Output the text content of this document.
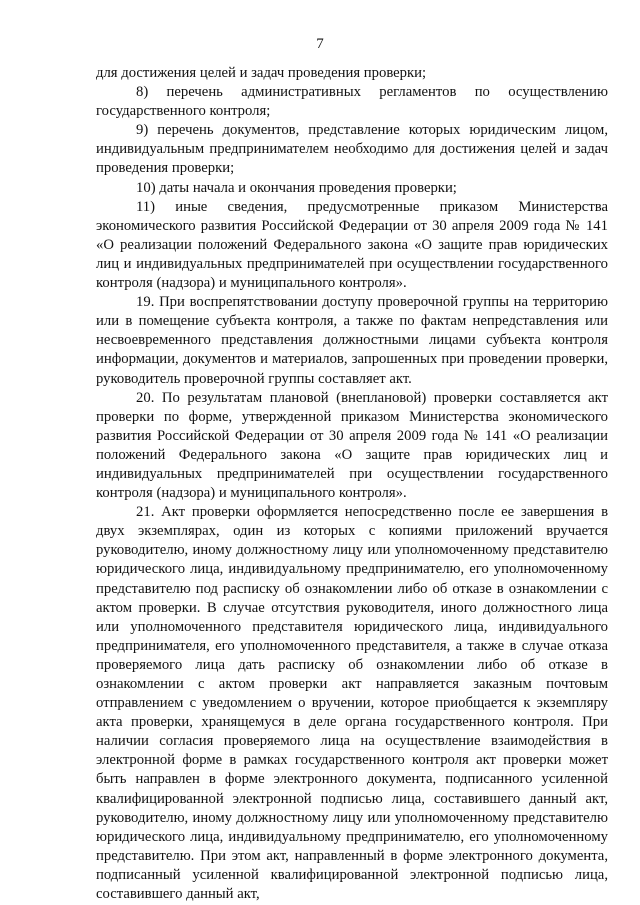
7

для достижения целей и задач проведения проверки;

8) перечень административных регламентов по осуществлению государственного контроля;

9) перечень документов, представление которых юридическим лицом, индивидуальным предпринимателем необходимо для достижения целей и задач проведения проверки;

10) даты начала и окончания проведения проверки;

11) иные сведения, предусмотренные приказом Министерства экономического развития Российской Федерации от 30 апреля 2009 года № 141 «О реализации положений Федерального закона «О защите прав юридических лиц и индивидуальных предпринимателей при осуществлении государственного контроля (надзора) и муниципального контроля».

19. При воспрепятствовании доступу проверочной группы на территорию или в помещение субъекта контроля, а также по фактам непредставления или несвоевременного представления должностными лицами субъекта контроля информации, документов и материалов, запрошенных при проведении проверки, руководитель проверочной группы составляет акт.

20. По результатам плановой (внеплановой) проверки составляется акт проверки по форме, утвержденной приказом Министерства экономического развития Российской Федерации от 30 апреля 2009 года № 141 «О реализации положений Федерального закона «О защите прав юридических лиц и индивидуальных предпринимателей при осуществлении государственного контроля (надзора) и муниципального контроля».

21. Акт проверки оформляется непосредственно после ее завершения в двух экземплярах, один из которых с копиями приложений вручается руководителю, иному должностному лицу или уполномоченному представителю юридического лица, индивидуальному предпринимателю, его уполномоченному представителю под расписку об ознакомлении либо об отказе в ознакомлении с актом проверки. В случае отсутствия руководителя, иного должностного лица или уполномоченного представителя юридического лица, индивидуального предпринимателя, его уполномоченного представителя, а также в случае отказа проверяемого лица дать расписку об ознакомлении либо об отказе в ознакомлении с актом проверки акт направляется заказным почтовым отправлением с уведомлением о вручении, которое приобщается к экземпляру акта проверки, хранящемуся в деле органа государственного контроля. При наличии согласия проверяемого лица на осуществление взаимодействия в электронной форме в рамках государственного контроля акт проверки может быть направлен в форме электронного документа, подписанного усиленной квалифицированной электронной подписью лица, составившего данный акт, руководителю, иному должностному лицу или уполномоченному представителю юридического лица, индивидуальному предпринимателю, его уполномоченному представителю. При этом акт, направленный в форме электронного документа, подписанный усиленной квалифицированной электронной подписью лица, составившего данный акт,
